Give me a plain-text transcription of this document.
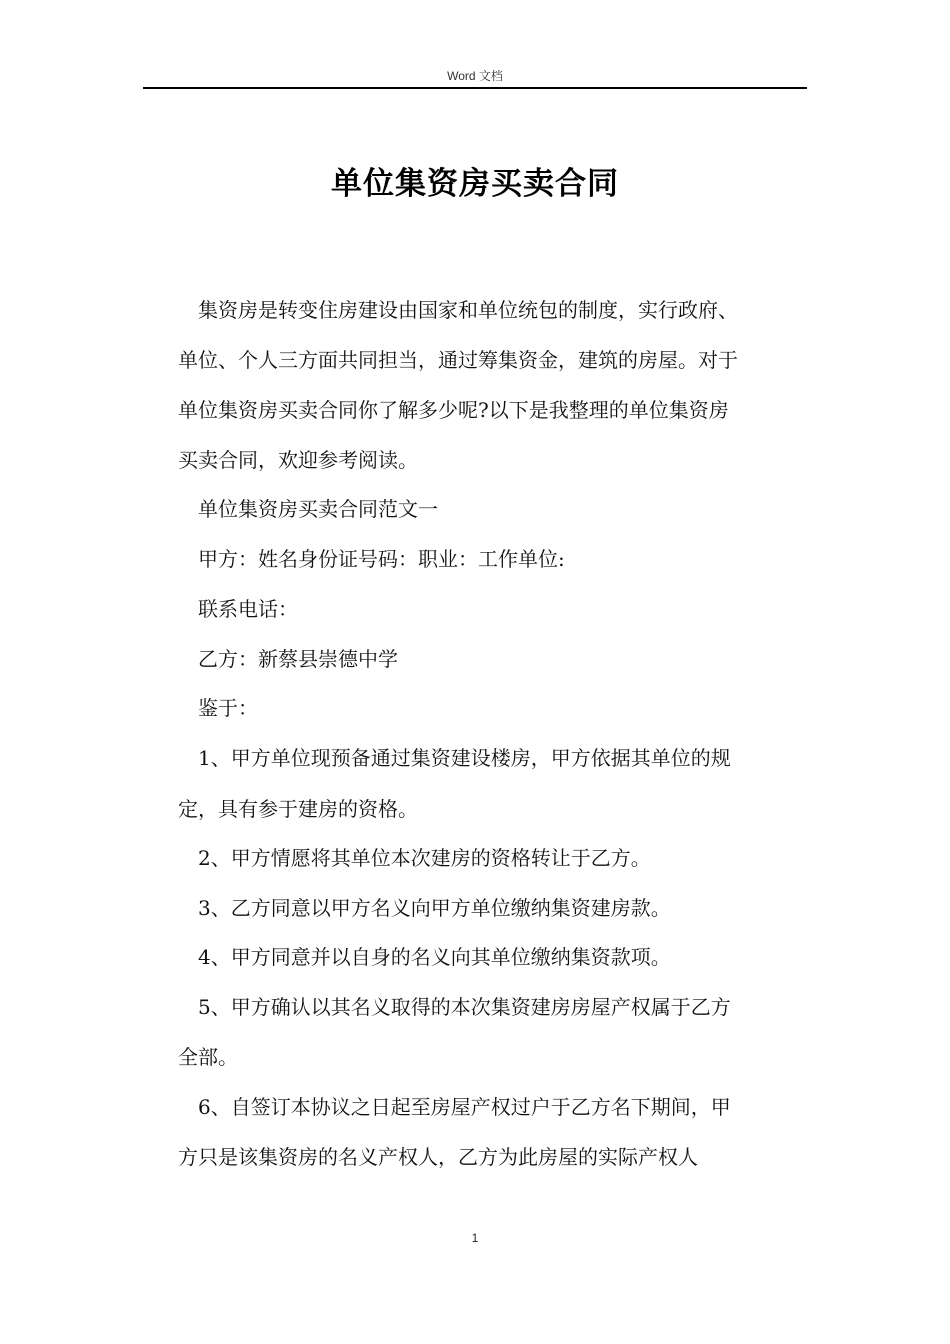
Word 文档
单位集资房买卖合同
集资房是转变住房建设由国家和单位统包的制度，实行政府、
单位、个人三方面共同担当，通过筹集资金，建筑的房屋。对于
单位集资房买卖合同你了解多少呢?以下是我整理的单位集资房
买卖合同，欢迎参考阅读。
单位集资房买卖合同范文一
甲方：姓名身份证号码：职业：工作单位:
联系电话：
乙方：新蔡县崇德中学
鉴于：
1、甲方单位现预备通过集资建设楼房，甲方依据其单位的规
定，具有参于建房的资格。
2、甲方情愿将其单位本次建房的资格转让于乙方。
3、乙方同意以甲方名义向甲方单位缴纳集资建房款。
4、甲方同意并以自身的名义向其单位缴纳集资款项。
5、甲方确认以其名义取得的本次集资建房房屋产权属于乙方
全部。
6、自签订本协议之日起至房屋产权过户于乙方名下期间，甲
方只是该集资房的名义产权人，乙方为此房屋的实际产权人
1
